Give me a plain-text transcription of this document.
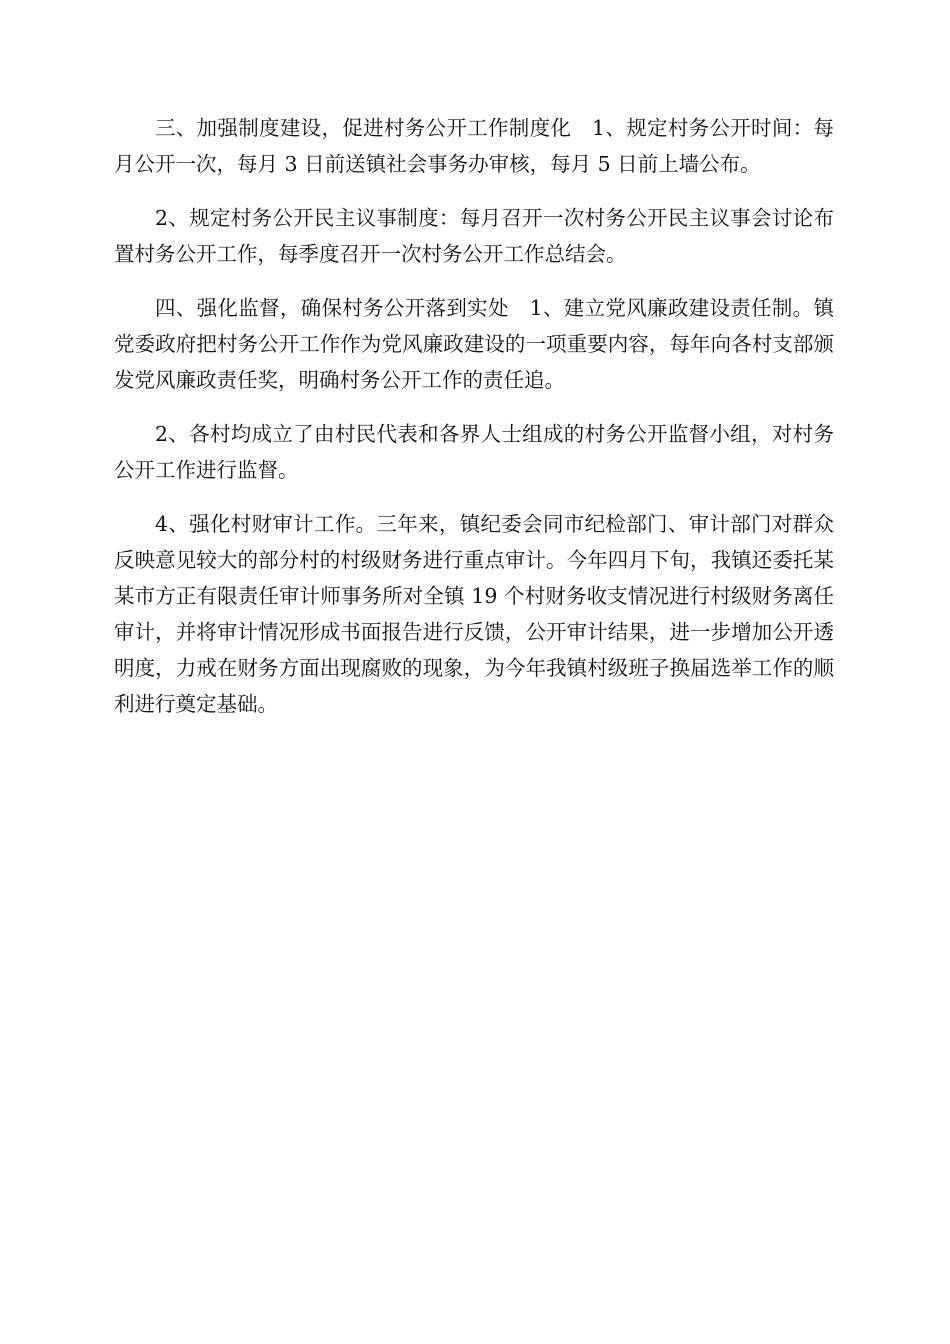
三、加强制度建设，促进村务公开工作制度化　1、规定村务公开时间：每月公开一次，每月 3 日前送镇社会事务办审核，每月 5 日前上墙公布。

2、规定村务公开民主议事制度：每月召开一次村务公开民主议事会讨论布置村务公开工作，每季度召开一次村务公开工作总结会。

四、强化监督，确保村务公开落到实处　1、建立党风廉政建设责任制。镇党委政府把村务公开工作作为党风廉政建设的一项重要内容，每年向各村支部颁发党风廉政责任奖，明确村务公开工作的责任追。

2、各村均成立了由村民代表和各界人士组成的村务公开监督小组，对村务公开工作进行监督。

4、强化村财审计工作。三年来，镇纪委会同市纪检部门、审计部门对群众反映意见较大的部分村的村级财务进行重点审计。今年四月下旬，我镇还委托某某市方正有限责任审计师事务所对全镇 19 个村财务收支情况进行村级财务离任审计，并将审计情况形成书面报告进行反馈，公开审计结果，进一步增加公开透明度，力戒在财务方面出现腐败的现象，为今年我镇村级班子换届选举工作的顺利进行奠定基础。
